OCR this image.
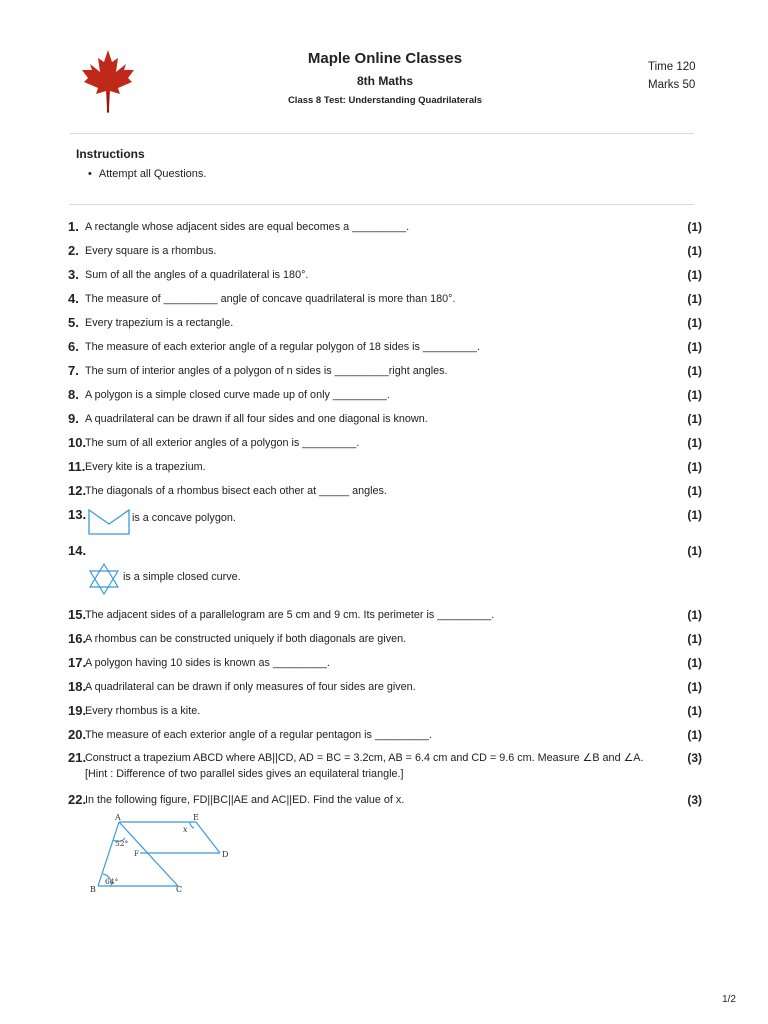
Maple Online Classes
8th Maths
Class 8 Test: Understanding Quadrilaterals
Time 120
Marks 50
Instructions
• Attempt all Questions.
1. A rectangle whose adjacent sides are equal becomes a _________.	(1)
2. Every square is a rhombus.	(1)
3. Sum of all the angles of a quadrilateral is 180°.	(1)
4. The measure of _________ angle of concave quadrilateral is more than 180°.	(1)
5. Every trapezium is a rectangle.	(1)
6. The measure of each exterior angle of a regular polygon of 18 sides is _________.	(1)
7. The sum of interior angles of a polygon of n sides is _________right angles.	(1)
8. A polygon is a simple closed curve made up of only _________.	(1)
9. A quadrilateral can be drawn if all four sides and one diagonal is known.	(1)
10.
The sum of all exterior angles of a polygon is _________.	(1)
11. Every kite is a trapezium.	(1)
12.
The diagonals of a rhombus bisect each other at _____ angles.	(1)
13.	(1)
is a concave polygon.
14.	(1)
is a simple closed curve.
15.
The adjacent sides of a parallelogram are 5 cm and 9 cm. Its perimeter is _________.	(1)
16.
A rhombus can be constructed uniquely if both diagonals are given.	(1)
17.
A polygon having 10 sides is known as _________.	(1)
18.
A quadrilateral can be drawn if only measures of four sides are given.	(1)
19.
Every rhombus is a kite.	(1)
20.
The measure of each exterior angle of a regular pentagon is _________.	(1)
21.
Construct a trapezium ABCD where AB||CD, AD = BC = 3.2cm, AB = 6.4 cm and CD = 9.6 cm. Measure ∠B and ∠A.	(3)
[Hint : Difference of two parallel sides gives an equilateral triangle.]
22.
In the following figure, FD||BC||AE and AC||ED. Find the value of x.	(3)
A	E
D
F
B	C
x
52°
64°
1/2
